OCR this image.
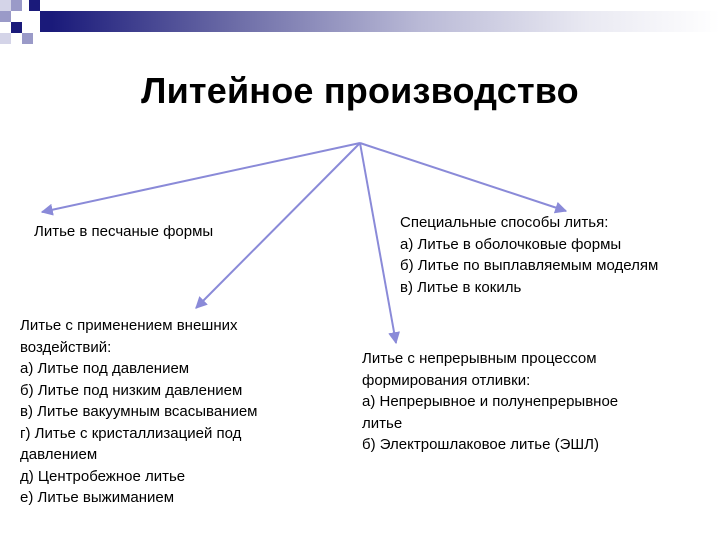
Литейное производство
Литье в песчаные формы
Специальные способы литья:
а) Литье в оболочковые формы
б) Литье по выплавляемым моделям
в) Литье в кокиль
Литье с применением внешних
воздействий:
а) Литье под давлением
б) Литье под низким давлением
в) Литье вакуумным всасыванием
г) Литье с кристаллизацией под
давлением
д) Центробежное литье
е) Литье выжиманием
Литье с непрерывным процессом
формирования отливки:
а) Непрерывное и полунепрерывное
литье
б) Электрошлаковое литье (ЭШЛ)
